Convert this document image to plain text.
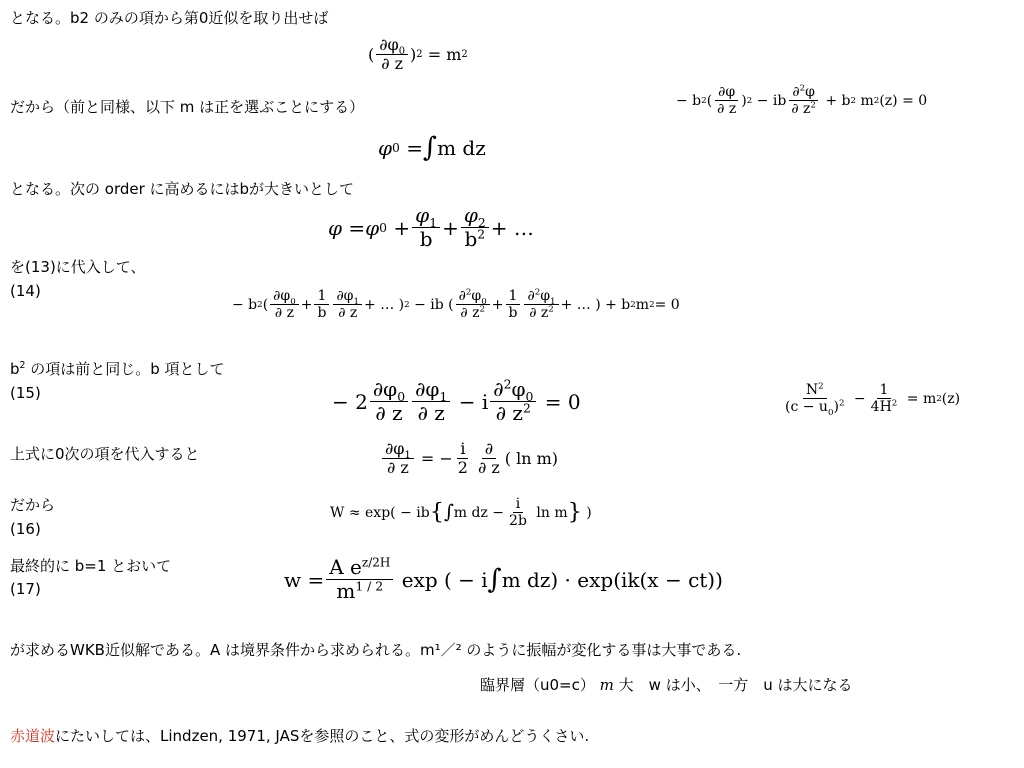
となる。b2 のみの項から第0近似を取り出せば
だから（前と同様、以下 m は正を選ぶことにする）
となる。次の order に高めるにはbが大きいとして
を(13)に代入して、
(14)
$b^2$ の項は前と同じ。b 項として
(15)
上式に0次の項を代入すると
だから
(16)
最終的に b=1 とおいて
(17)
が求めるWKB近似解である。A は境界条件から求められる。m¹／² のように振幅が変化する事は大事である.
臨界層（u0=c） m 大　w は小、　一方　u は大になる
赤道波にたいしては、Lindzen, 1971, JASを参照のこと、式の変形がめんどうくさい.
(
$\partial\varphi_0$
∂ z ) 2 = m 2
− b 2 (
∂φ
∂ z
) 2 − ib
∂$^2$φ
∂ $z^2 + b$ 2 m 2 (z) = 0
φ 0 = ∫ m dz
φ = φ 0 +
$\varphi_1$
b +
$\varphi_2$
$b^2$ + …
− b 2 (
$\partial\varphi_0$
∂ z
+
1
b
$\partial\varphi_1$
∂ z
+ … ) 2 − ib (
$\partial^2\varphi_0$
∂ $z^2$ +
1
b
$\partial^2\varphi_1$
∂ $z^2$ + … ) + b 2 m 2 = 0
− 2
$\partial\varphi_0$
∂ z
$\partial\varphi_1$
∂ z − i
$\partial^2\varphi_0$
∂ $z^2 = 0$	$N^2$
$(c - u_0)^2$ −
1
$4H^2 = m$ 2 (z)
$\partial\varphi_1$
∂ z = −
i
2
∂
∂ z ( ln m)
W ≈ exp( − ib { ∫ m dz −
i
2b
ln m } )
w =
A $e^{z/2H}$
$m^{1 / 2}$ exp ( − i ∫ m dz) · exp(ik(x − ct))
